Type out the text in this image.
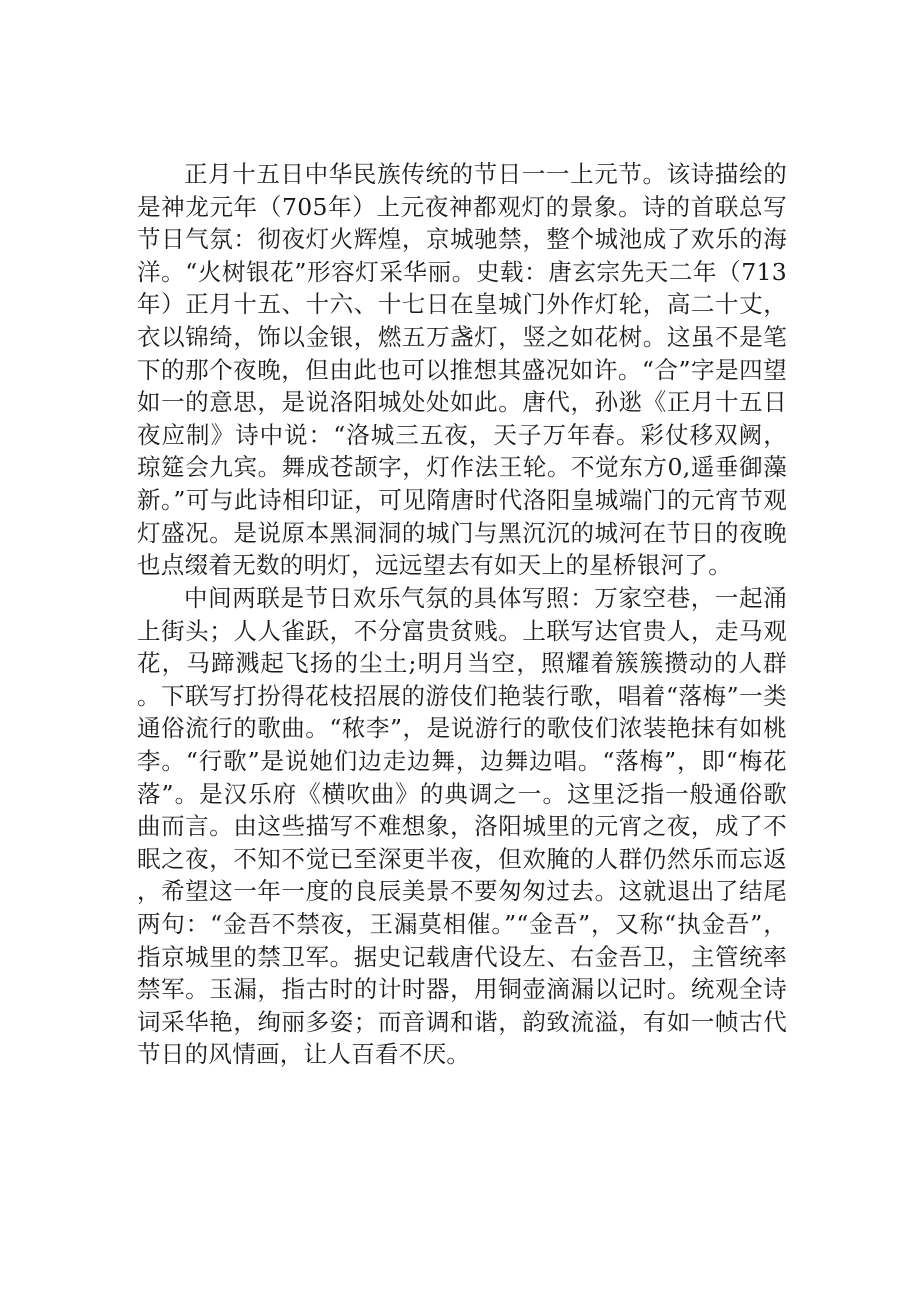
正月十五日中华民族传统的节日一一上元节。该诗描绘的是神龙元年（705年）上元夜神都观灯的景象。诗的首联总写节日气氛：彻夜灯火辉煌，京城驰禁，整个城池成了欢乐的海洋。“火树银花”形容灯采华丽。史载：唐玄宗先天二年（713年）正月十五、十六、十七日在皇城门外作灯轮，高二十丈，衣以锦绮，饰以金银，燃五万盏灯，竖之如花树。这虽不是笔下的那个夜晚，但由此也可以推想其盛况如许。“合”字是四望如一的意思，是说洛阳城处处如此。唐代，孙逖《正月十五日夜应制》诗中说：“洛城三五夜，天子万年春。彩仗移双阙，琼筵会九宾。舞成苍颉字，灯作法王轮。不觉东方0,遥垂御藻新。”可与此诗相印证，可见隋唐时代洛阳皇城端门的元宵节观灯盛况。是说原本黑洞洞的城门与黑沉沉的城河在节日的夜晚也点缀着无数的明灯，远远望去有如天上的星桥银河了。

中间两联是节日欢乐气氛的具体写照：万家空巷，一起涌上街头；人人雀跃，不分富贵贫贱。上联写达官贵人，走马观花，马蹄溅起飞扬的尘土;明月当空，照耀着簇簇攒动的人群。下联写打扮得花枝招展的游伎们艳装行歌，唱着“落梅”一类通俗流行的歌曲。“秾李”，是说游行的歌伎们浓装艳抹有如桃李。“行歌”是说她们边走边舞，边舞边唱。“落梅”，即“梅花落”。是汉乐府《横吹曲》的典调之一。这里泛指一般通俗歌曲而言。由这些描写不难想象，洛阳城里的元宵之夜，成了不眠之夜，不知不觉已至深更半夜，但欢腌的人群仍然乐而忘返，希望这一年一度的良辰美景不要匆匆过去。这就退出了结尾两句：“金吾不禁夜，王漏莫相催。”“金吾”，又称“执金吾”，指京城里的禁卫军。据史记载唐代设左、右金吾卫，主管统率禁军。玉漏，指古时的计时器，用铜壶滴漏以记时。统观全诗词采华艳，绚丽多姿；而音调和谐，韵致流溢，有如一帧古代节日的风情画，让人百看不厌。
